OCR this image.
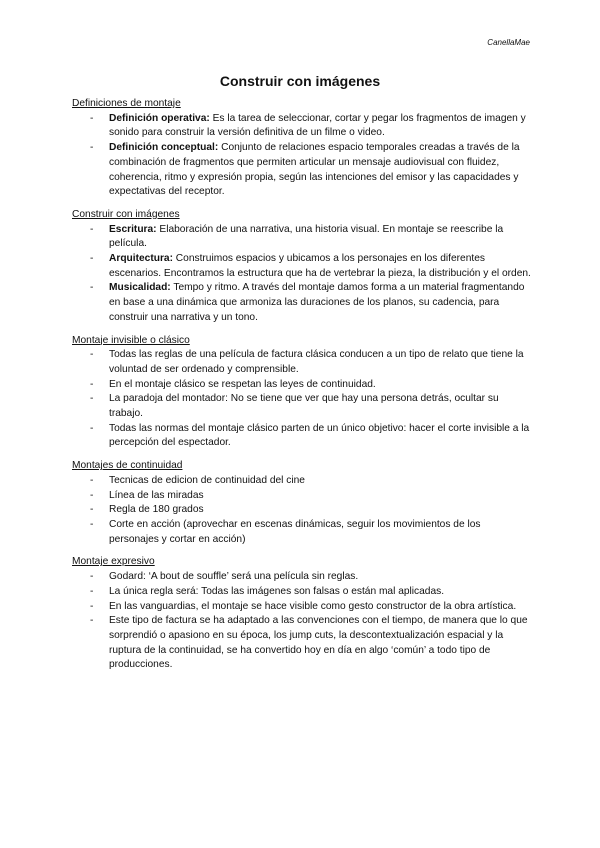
CanellaMae
Construir con imágenes

Definiciones de montaje

- Definición operativa: Es la tarea de seleccionar, cortar y pegar los fragmentos de imagen y sonido para construir la versión definitiva de un filme o video.
- Definición conceptual: Conjunto de relaciones espacio temporales creadas a través de la combinación de fragmentos que permiten articular un mensaje audiovisual con fluidez, coherencia, ritmo y expresión propia, según las intenciones del emisor y las capacidades y expectativas del receptor.

Construir con imágenes

- Escritura: Elaboración de una narrativa, una historia visual. En montaje se reescribe la película.
- Arquitectura: Construimos espacios y ubicamos a los personajes en los diferentes escenarios. Encontramos la estructura que ha de vertebrar la pieza, la distribución y el orden.
- Musicalidad: Tempo y ritmo. A través del montaje damos forma a un material fragmentando en base a una dinámica que armoniza las duraciones de los planos, su cadencia, para construir una narrativa y un tono.

Montaje invisible o clásico

- Todas las reglas de una película de factura clásica conducen a un tipo de relato que tiene la voluntad de ser ordenado y comprensible.
- En el montaje clásico se respetan las leyes de continuidad.
- La paradoja del montador: No se tiene que ver que hay una persona detrás, ocultar su trabajo.
- Todas las normas del montaje clásico parten de un único objetivo: hacer el corte invisible a la percepción del espectador.

Montajes de continuidad

- Tecnicas de edicion de continuidad del cine
- Línea de las miradas
- Regla de 180 grados
- Corte en acción (aprovechar en escenas dinámicas, seguir los movimientos de los personajes y cortar en acción)

Montaje expresivo

- Godard: ‘A bout de souffle’ será una película sin reglas.
- La única regla será: Todas las imágenes son falsas o están mal aplicadas.
- En las vanguardias, el montaje se hace visible como gesto constructor de la obra artística.
- Este tipo de factura se ha adaptado a las convenciones con el tiempo, de manera que lo que sorprendió o apasiono en su época, los jump cuts, la descontextualización espacial y la ruptura de la continuidad, se ha convertido hoy en día en algo ‘común’ a todo tipo de producciones.
